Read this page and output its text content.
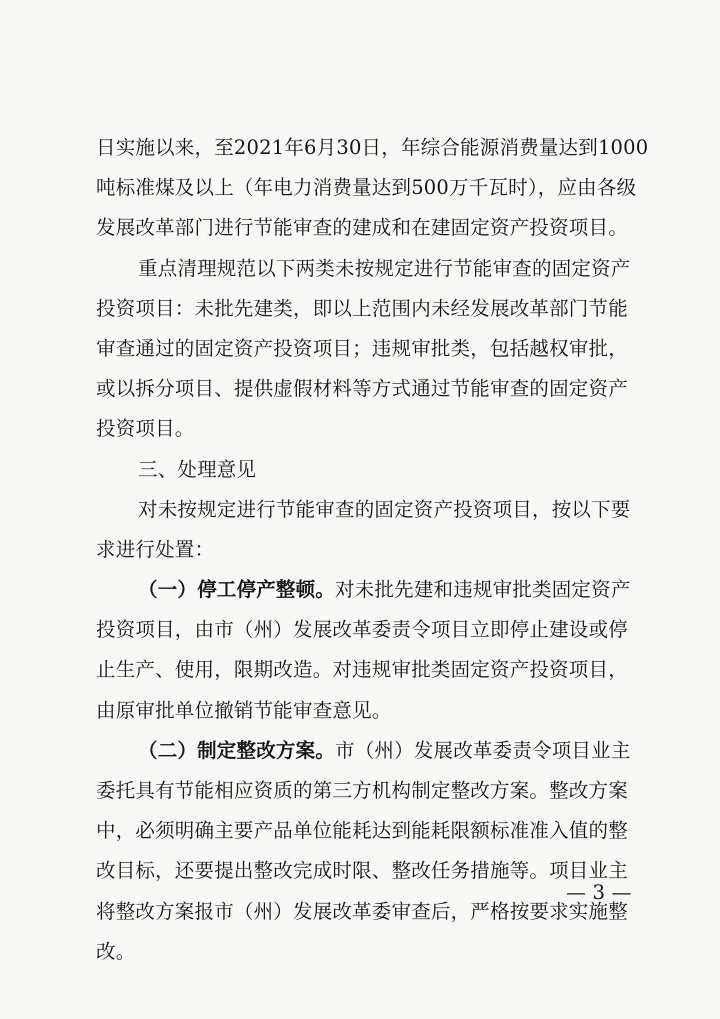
日实施以来，至2021年6月30日，年综合能源消费量达到1000
吨标准煤及以上（年电力消费量达到500万千瓦时），应由各级
发展改革部门进行节能审查的建成和在建固定资产投资项目。
重点清理规范以下两类未按规定进行节能审查的固定资产
投资项目：未批先建类，即以上范围内未经发展改革部门节能
审查通过的固定资产投资项目；违规审批类，包括越权审批，
或以拆分项目、提供虚假材料等方式通过节能审查的固定资产
投资项目。
三、处理意见
对未按规定进行节能审查的固定资产投资项目，按以下要
求进行处置：
（一）停工停产整顿。对未批先建和违规审批类固定资产
投资项目，由市（州）发展改革委责令项目立即停止建设或停
止生产、使用，限期改造。对违规审批类固定资产投资项目，
由原审批单位撤销节能审查意见。
（二）制定整改方案。市（州）发展改革委责令项目业主
委托具有节能相应资质的第三方机构制定整改方案。整改方案
中，必须明确主要产品单位能耗达到能耗限额标准准入值的整
改目标，还要提出整改完成时限、整改任务措施等。项目业主
将整改方案报市（州）发展改革委审查后，严格按要求实施整
改。
— 3 —
